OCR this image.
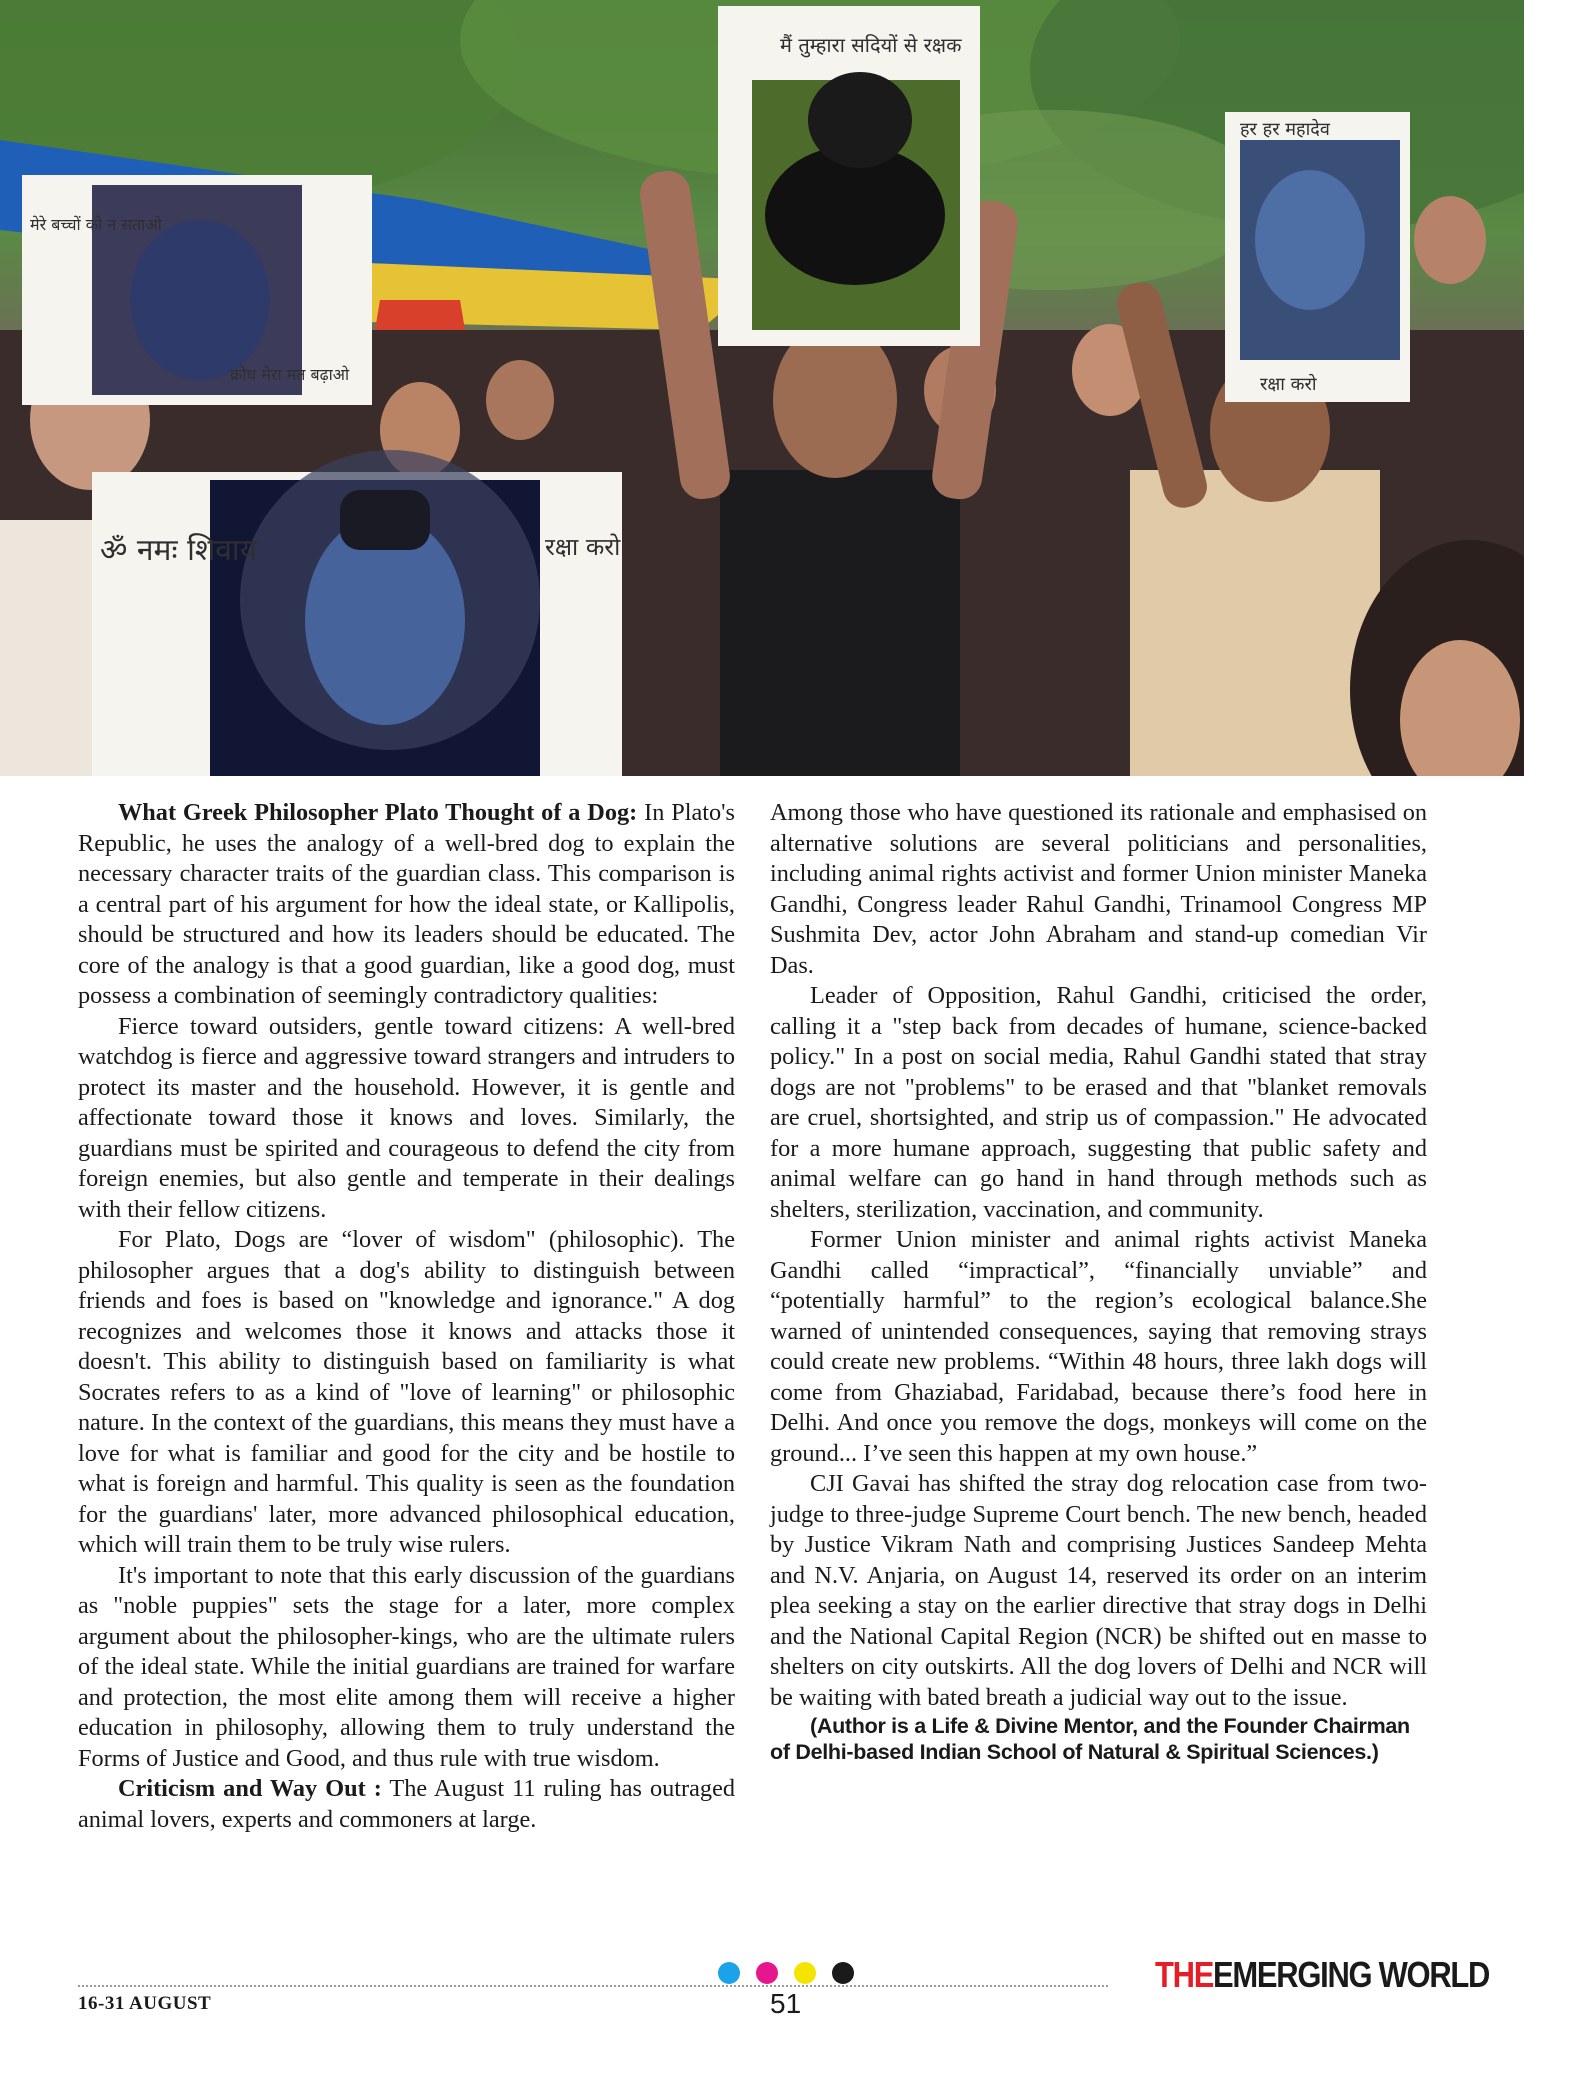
मैं तुम्हारा सदियों से रक्षक
मेरे बच्चों को न सताओ
क्रोध मेरा मत बढ़ाओ
हर हर महादेव
रक्षा करो
ॐ नमः शिवाय	रक्षा करो

What Greek Philosopher Plato Thought of a Dog: In Plato's Republic, he uses the analogy of a well-bred dog to explain the necessary character traits of the guardian class. This comparison is a central part of his argument for how the ideal state, or Kallipolis, should be structured and how its leaders should be educated. The core of the analogy is that a good guardian, like a good dog, must possess a combination of seemingly contradictory qualities:

Fierce toward outsiders, gentle toward citizens: A well-bred watchdog is fierce and aggressive toward strangers and intruders to protect its master and the household. However, it is gentle and affectionate toward those it knows and loves. Similarly, the guardians must be spirited and courageous to defend the city from foreign enemies, but also gentle and temperate in their dealings with their fellow citizens.

For Plato, Dogs are “lover of wisdom" (philosophic). The philosopher argues that a dog's ability to distinguish between friends and foes is based on "knowledge and ignorance." A dog recognizes and welcomes those it knows and attacks those it doesn't. This ability to distinguish based on familiarity is what Socrates refers to as a kind of "love of learning" or philosophic nature. In the context of the guardians, this means they must have a love for what is familiar and good for the city and be hostile to what is foreign and harmful. This quality is seen as the foundation for the guardians' later, more advanced philosophical education, which will train them to be truly wise rulers.

It's important to note that this early discussion of the guardians as "noble puppies" sets the stage for a later, more complex argument about the philosopher-kings, who are the ultimate rulers of the ideal state. While the initial guardians are trained for warfare and protection, the most elite among them will receive a higher education in philosophy, allowing them to truly understand the Forms of Justice and Good, and thus rule with true wisdom.

Criticism and Way Out : The August 11 ruling has outraged animal lovers, experts and commoners at large.

Among those who have questioned its rationale and emphasised on alternative solutions are several politicians and personalities, including animal rights activist and former Union minister Maneka Gandhi, Congress leader Rahul Gandhi, Trinamool Congress MP Sushmita Dev, actor John Abraham and stand-up comedian Vir Das.

Leader of Opposition, Rahul Gandhi, criticised the order, calling it a "step back from decades of humane, science-backed policy." In a post on social media, Rahul Gandhi stated that stray dogs are not "problems" to be erased and that "blanket removals are cruel, shortsighted, and strip us of compassion." He advocated for a more humane approach, suggesting that public safety and animal welfare can go hand in hand through methods such as shelters, sterilization, vaccination, and community.

Former Union minister and animal rights activist Maneka Gandhi called “impractical”, “financially unviable” and “potentially harmful” to the region’s ecological balance.She warned of unintended consequences, saying that removing strays could create new problems. “Within 48 hours, three lakh dogs will come from Ghaziabad, Faridabad, because there’s food here in Delhi. And once you remove the dogs, monkeys will come on the ground... I’ve seen this happen at my own house.”

CJI Gavai has shifted the stray dog relocation case from two-judge to three-judge Supreme Court bench. The new bench, headed by Justice Vikram Nath and comprising Justices Sandeep Mehta and N.V. Anjaria, on August 14, reserved its order on an interim plea seeking a stay on the earlier directive that stray dogs in Delhi and the National Capital Region (NCR) be shifted out en masse to shelters on city outskirts. All the dog lovers of Delhi and NCR will be waiting with bated breath a judicial way out to the issue.

(Author is a Life & Divine Mentor, and the Founder Chairman of Delhi-based Indian School of Natural & Spiritual Sciences.)

16-31 AUGUST	51
THEEMERGING WORLD
